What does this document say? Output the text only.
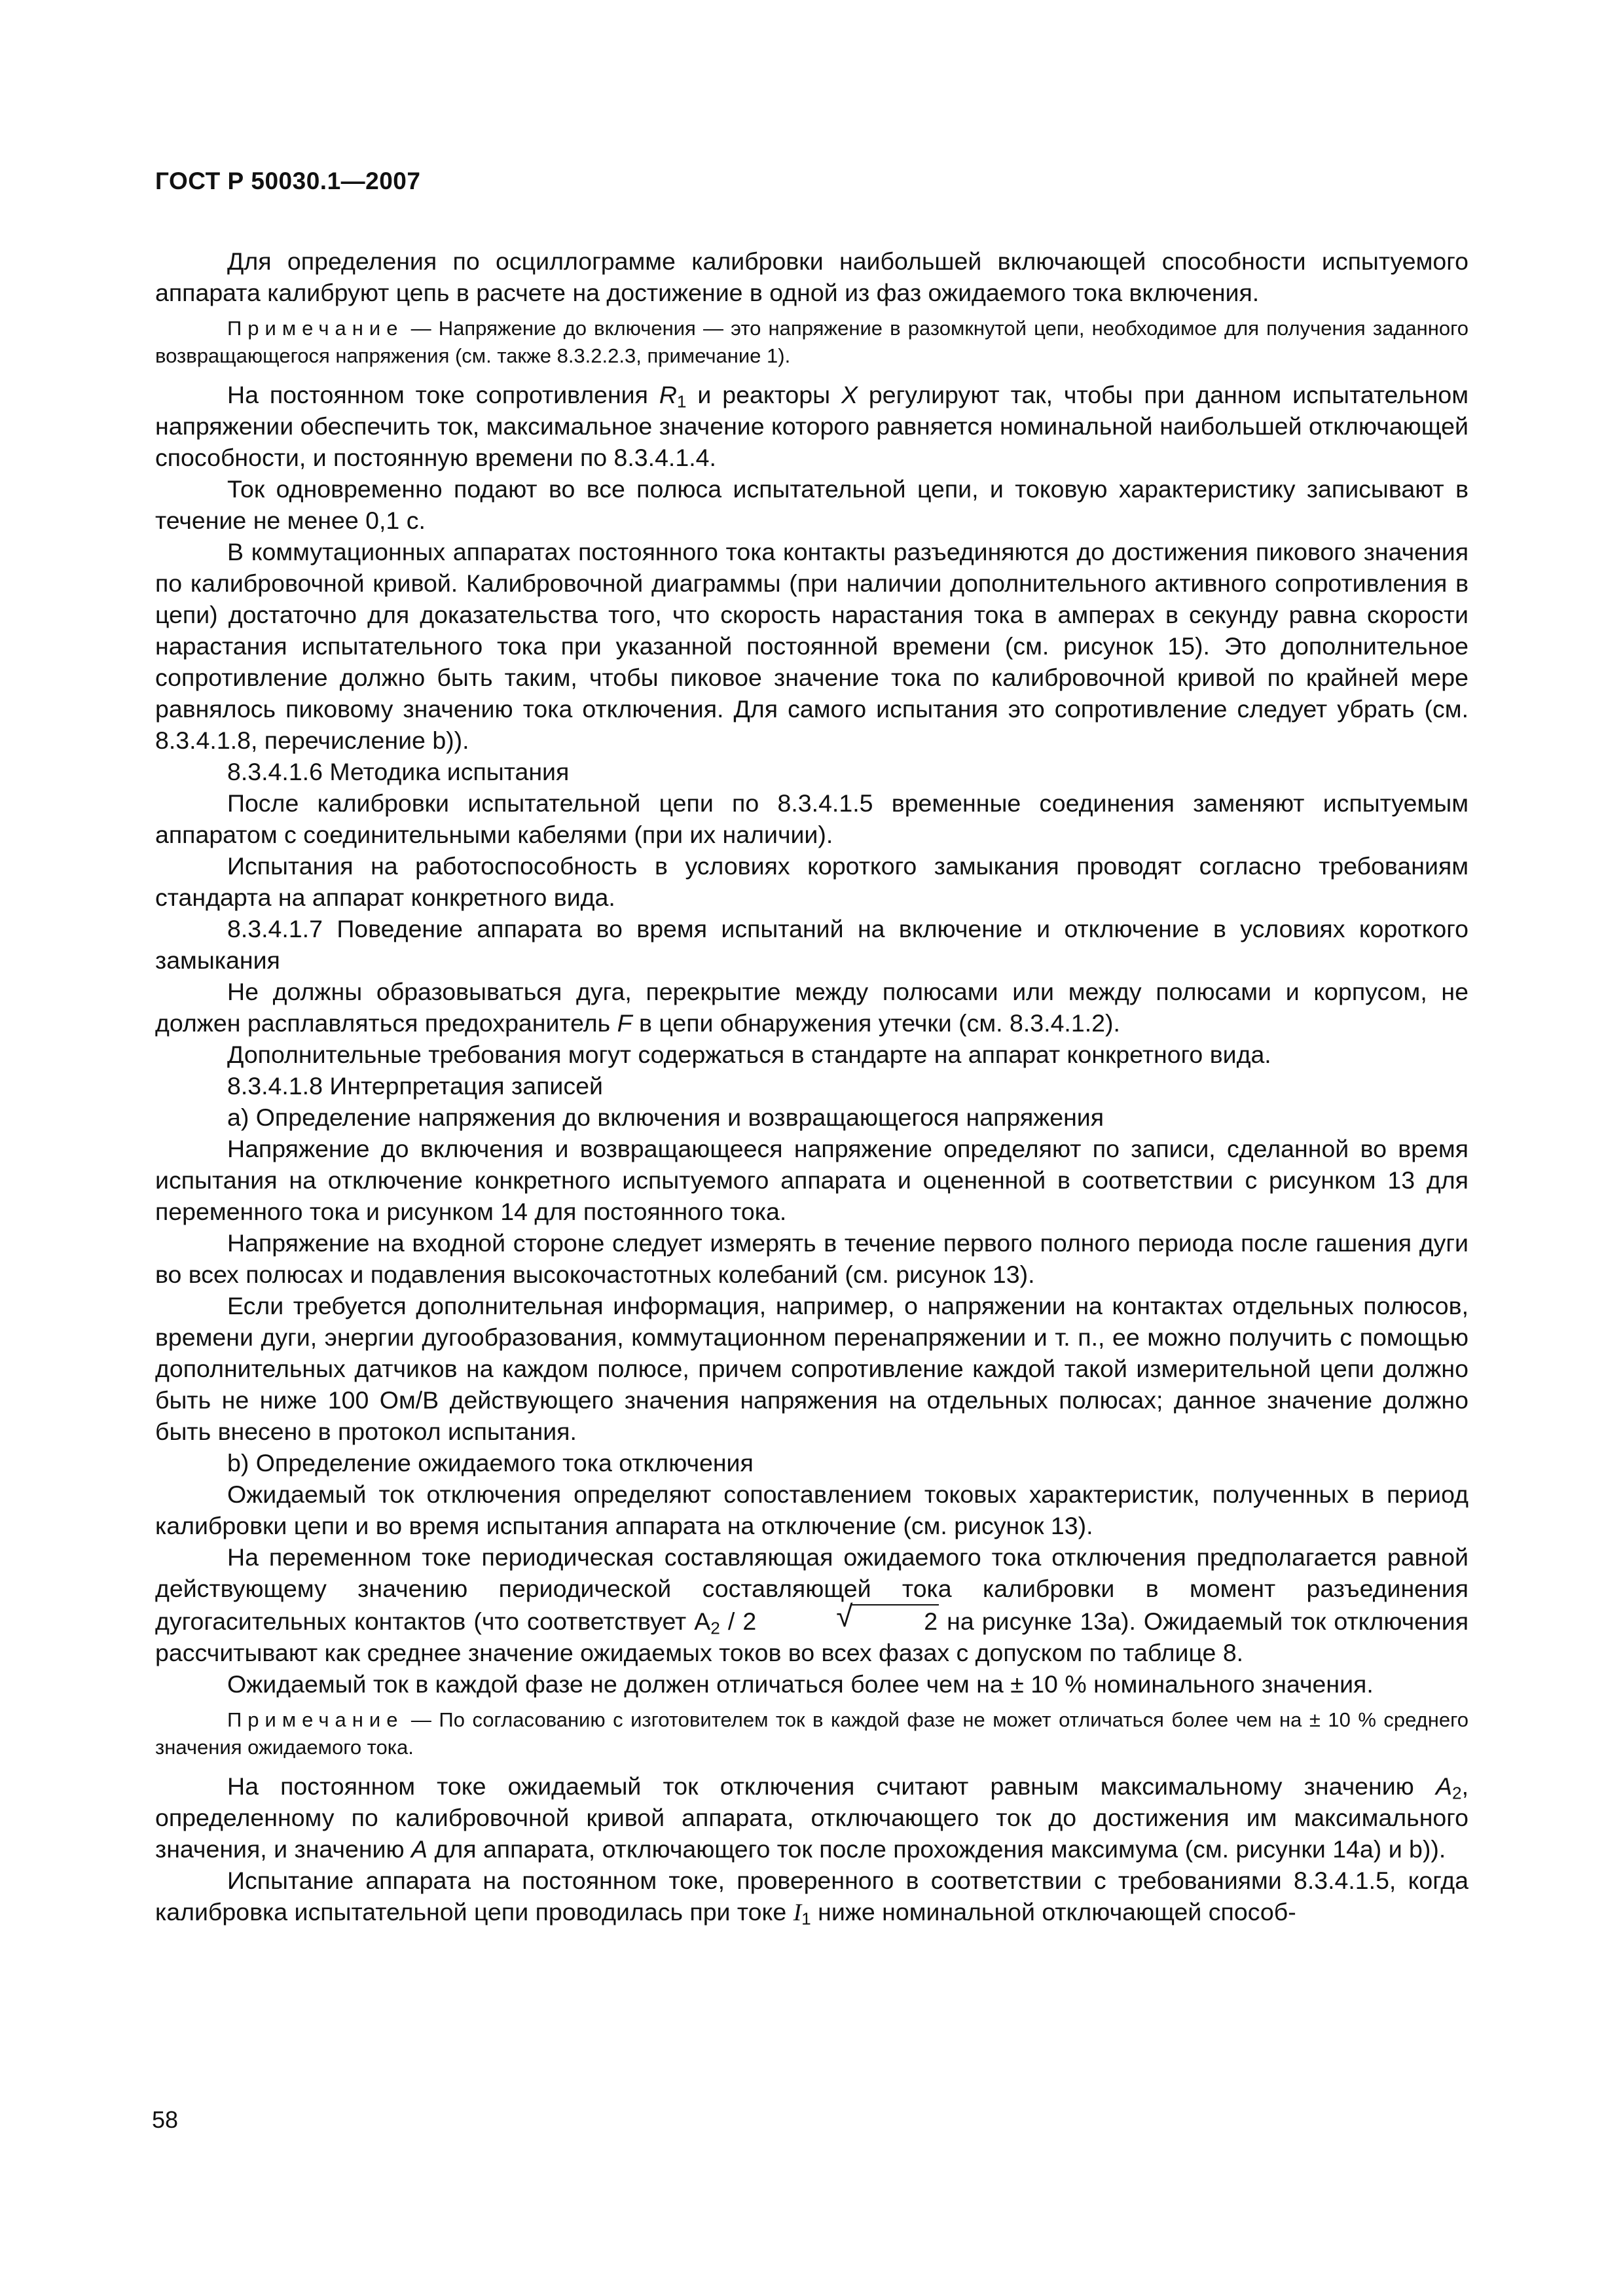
ГОСТ Р 50030.1—2007

Для определения по осциллограмме калибровки наибольшей включающей способности испытуемого аппарата калибруют цепь в расчете на достижение в одной из фаз ожидаемого тока включения.

Примечание — Напряжение до включения — это напряжение в разомкнутой цепи, необходимое для получения заданного возвращающегося напряжения (см. также 8.3.2.2.3, примечание 1).

На постоянном токе сопротивления $R_1$ и реакторы X регулируют так, чтобы при данном испытательном напряжении обеспечить ток, максимальное значение которого равняется номинальной наибольшей отключающей способности, и постоянную времени по 8.3.4.1.4.

Ток одновременно подают во все полюса испытательной цепи, и токовую характеристику записывают в течение не менее 0,1 с.

В коммутационных аппаратах постоянного тока контакты разъединяются до достижения пикового значения по калибровочной кривой. Калибровочной диаграммы (при наличии дополнительного активного сопротивления в цепи) достаточно для доказательства того, что скорость нарастания тока в амперах в секунду равна скорости нарастания испытательного тока при указанной постоянной времени (см. рисунок 15). Это дополнительное сопротивление должно быть таким, чтобы пиковое значение тока по калибровочной кривой по крайней мере равнялось пиковому значению тока отключения. Для самого испытания это сопротивление следует убрать (см. 8.3.4.1.8, перечисление b)).

8.3.4.1.6 Методика испытания

После калибровки испытательной цепи по 8.3.4.1.5 временные соединения заменяют испытуемым аппаратом с соединительными кабелями (при их наличии).

Испытания на работоспособность в условиях короткого замыкания проводят согласно требованиям стандарта на аппарат конкретного вида.

8.3.4.1.7 Поведение аппарата во время испытаний на включение и отключение в условиях короткого замыкания

Не должны образовываться дуга, перекрытие между полюсами или между полюсами и корпусом, не должен расплавляться предохранитель F в цепи обнаружения утечки (см. 8.3.4.1.2).

Дополнительные требования могут содержаться в стандарте на аппарат конкретного вида.

8.3.4.1.8 Интерпретация записей

a) Определение напряжения до включения и возвращающегося напряжения

Напряжение до включения и возвращающееся напряжение определяют по записи, сделанной во время испытания на отключение конкретного испытуемого аппарата и оцененной в соответствии с рисунком 13 для переменного тока и рисунком 14 для постоянного тока.

Напряжение на входной стороне следует измерять в течение первого полного периода после гашения дуги во всех полюсах и подавления высокочастотных колебаний (см. рисунок 13).

Если требуется дополнительная информация, например, о напряжении на контактах отдельных полюсов, времени дуги, энергии дугообразования, коммутационном перенапряжении и т. п., ее можно получить с помощью дополнительных датчиков на каждом полюсе, причем сопротивление каждой такой измерительной цепи должно быть не ниже 100 Ом/В действующего значения напряжения на отдельных полюсах; данное значение должно быть внесено в протокол испытания.

b) Определение ожидаемого тока отключения

Ожидаемый ток отключения определяют сопоставлением токовых характеристик, полученных в период калибровки цепи и во время испытания аппарата на отключение (см. рисунок 13).

На переменном токе периодическая составляющая ожидаемого тока отключения предполагается равной действующему значению периодической составляющей тока калибровки в момент разъединения дугогасительных контактов (что соответствует $А_2 / 2$ √	2 на рисунке 13а). Ожидаемый ток отключения рассчитывают как среднее значение ожидаемых токов во всех фазах с допуском по таблице 8.

Ожидаемый ток в каждой фазе не должен отличаться более чем на ± 10 % номинального значения.

Примечание — По согласованию с изготовителем ток в каждой фазе не может отличаться более чем на ± 10 % среднего значения ожидаемого тока.

На постоянном токе ожидаемый ток отключения считают равным максимальному значению $A_2$, определенному по калибровочной кривой аппарата, отключающего ток до достижения им максимального значения, и значению A для аппарата, отключающего ток после прохождения максимума (см. рисунки 14а) и b)).

Испытание аппарата на постоянном токе, проверенного в соответствии с требованиями 8.3.4.1.5, когда калибровка испытательной цепи проводилась при токе $I_1$ ниже номинальной отключающей способ-

58
